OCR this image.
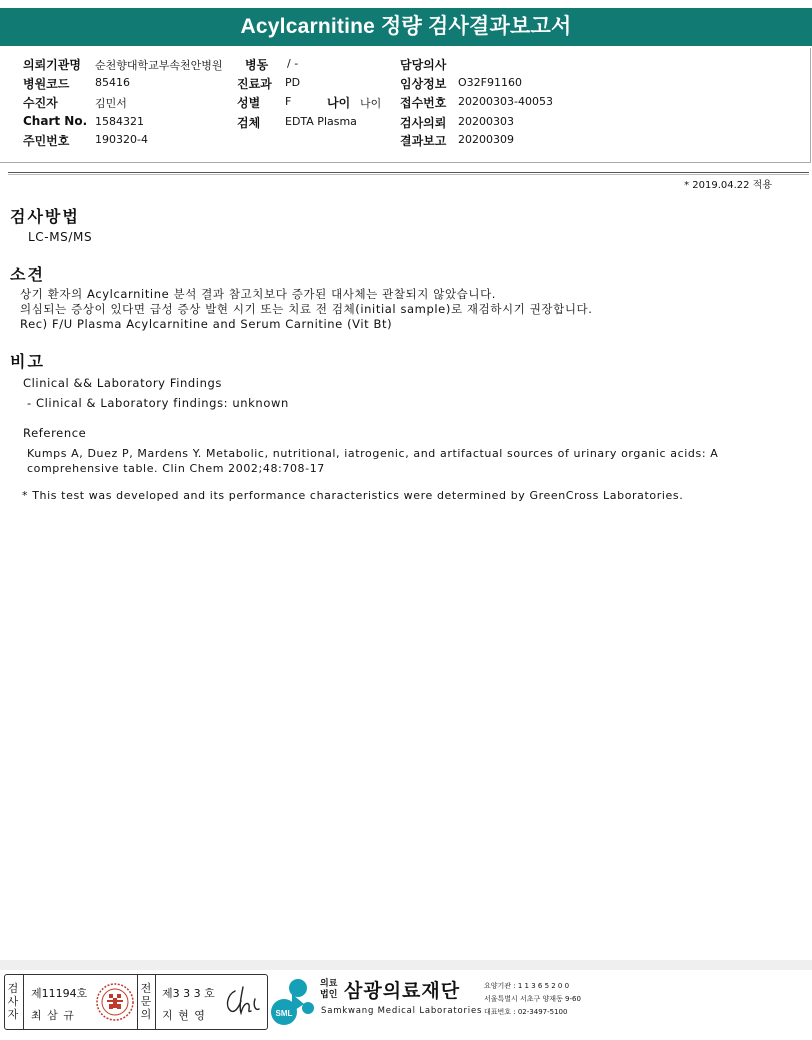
Acylcarnitine 정량 검사결과보고서
의뢰기관명 순천향대학교부속천안병원 병동 / -	담당의사
병원코드 85416	진료과 PD	임상정보 O32F91160
수진자	김민서	성별 F	나이 나이 접수번호 20200303-40053
Chart No. 1584321	검체 EDTA Plasma	검사의뢰 20200303
주민번호 190320-4	결과보고 20200309
* 2019.04.22 적용
검사방법
LC-MS/MS
소견
상기 환자의 Acylcarnitine 분석 결과 참고치보다 증가된 대사체는 관찰되지 않았습니다.
의심되는 증상이 있다면 급성 증상 발현 시기 또는 치료 전 검체(initial sample)로 재검하시기 권장합니다.
Rec) F/U Plasma Acylcarnitine and Serum Carnitine (Vit Bt)
비고
Clinical && Laboratory Findings
- Clinical & Laboratory findings: unknown
Reference
Kumps A, Duez P, Mardens Y. Metabolic, nutritional, iatrogenic, and artifactual sources of urinary organic acids: A
comprehensive table. Clin Chem 2002;48:708-17
* This test was developed and its performance characteristics were determined by GreenCross Laboratories.
검
사
자
제11194호
최 삼 규
전
문
의
제3 3 3 호
지 현 영	SML
의료
법인 삼광의료재단
Samkwang Medical Laboratories
요양기관 : 1 1 3 6 5 2 0 0
서울특별시 서초구 양재동 9-60
대표번호 : 02-3497-5100
